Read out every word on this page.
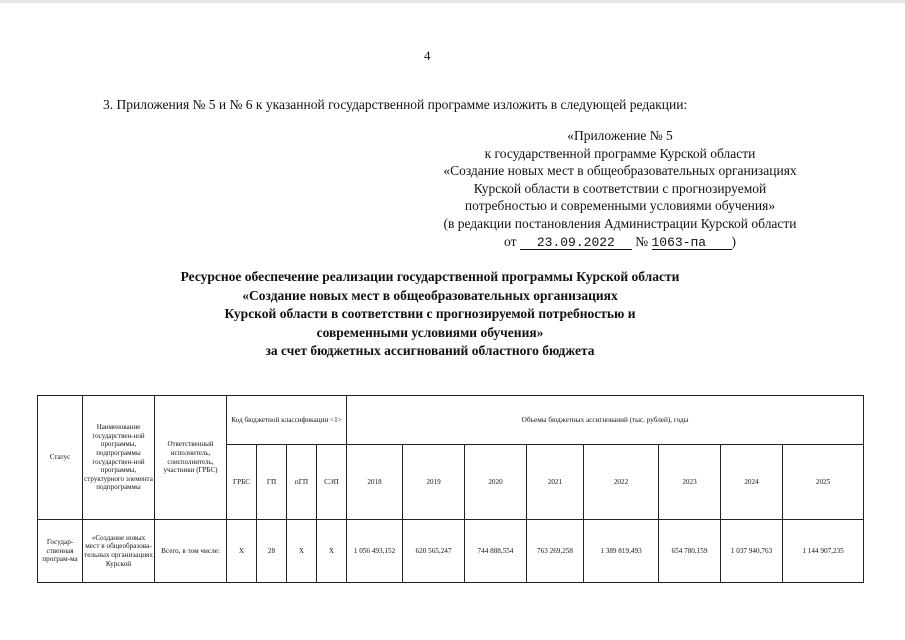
4
3. Приложения № 5 и № 6 к указанной государственной программе изложить в следующей редакции:
«Приложение № 5
к государственной программе Курской области
«Создание новых мест в общеобразовательных организациях
Курской области в соответствии с прогнозируемой
потребностью и современными условиями обучения»
(в редакции постановления Администрации Курской области
от 23.09.2022 № 1063-па )
Ресурсное обеспечение реализации государственной программы Курской области
«Создание новых мест в общеобразовательных организациях
Курской области в соответствии с прогнозируемой потребностью и
современными условиями обучения»
за счет бюджетных ассигнований областного бюджета
Статус	Наименование государствен-ной программы, подпрограммы государствен-ной программы, структурного элемента подпрограммы	Ответственный исполнитель, соисполнитель, участники (ГРБС)	Код бюджетной классификации <1>				Объемы бюджетных ассигнований (тыс. рублей), годы							
			ГРБС	ГП	пГП	СЭП	2018	2019	2020	2021	2022	2023	2024	2025
Государ-ственная програм-ма	«Создание новых мест в общеобразова-тельных организациях Курской	Всего, в том числе:	Х	28	Х	Х	1 056 493,152	620 565,247	744 888,554	763 269,258	1 389 819,493	654 780,159	1 037 940,763	1 144 907,235
